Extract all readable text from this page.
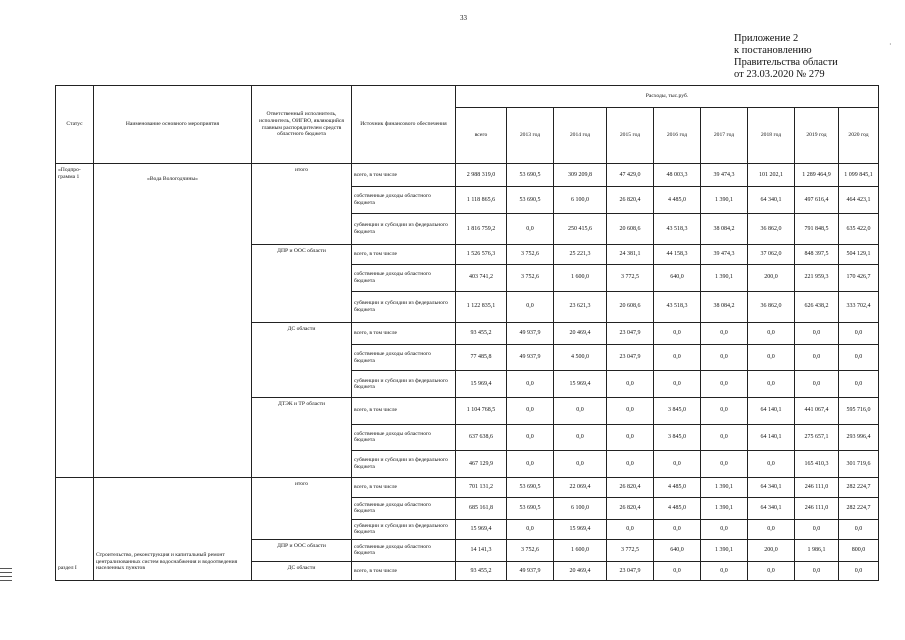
33
Приложение 2
к постановлению
Правительства области
от 23.03.2020 № 279
·
Статус	Наименование основного мероприятия	Ответственный исполнитель, исполнитель, ОИГВО, являющийся главным распорядителем средств областного бюджета	Источник финансового обеспечения	Расходы, тыс.руб.								
				всего	2013 год	2014 год	2015 год	2016 год	2017 год	2018 год	2019 год	2020 год
«Подпро-грамма 1	«Вода Вологодчины»	итого	всего, в том числе	2 988 319,0	53 690,5	309 209,8	47 429,0	48 003,3	39 474,3	101 202,1	1 289 464,9	1 099 845,1
			собственные доходы областного бюджета	1 118 865,6	53 690,5	6 100,0	26 820,4	4 485,0	1 390,1	64 340,1	497 616,4	464 423,1
			субвенции и субсидии из федерального бюджета	1 816 759,2	0,0	250 415,6	20 608,6	43 518,3	38 084,2	36 862,0	791 848,5	635 422,0
		ДПР и ООС области	всего, в том числе	1 526 576,3	3 752,6	25 221,3	24 381,1	44 158,3	39 474,3	37 062,0	848 397,5	504 129,1
			собственные доходы областного бюджета	403 741,2	3 752,6	1 600,0	3 772,5	640,0	1 390,1	200,0	221 959,3	170 426,7
			субвенции и субсидии из федерального бюджета	1 122 835,1	0,0	23 621,3	20 608,6	43 518,3	38 084,2	36 862,0	626 438,2	333 702,4
		ДС области	всего, в том числе	93 455,2	49 937,9	20 469,4	23 047,9	0,0	0,0	0,0	0,0	0,0
			собственные доходы областного бюджета	77 485,8	49 937,9	4 500,0	23 047,9	0,0	0,0	0,0	0,0	0,0
			субвенции и субсидии из федерального бюджета	15 969,4	0,0	15 969,4	0,0	0,0	0,0	0,0	0,0	0,0
		ДТЭК и ТР области	всего, в том числе	1 104 768,5	0,0	0,0	0,0	3 845,0	0,0	64 140,1	441 067,4	595 716,0
			собственные доходы областного бюджета	637 638,6	0,0	0,0	0,0	3 845,0	0,0	64 140,1	275 657,1	293 996,4
			субвенции и субсидии из федерального бюджета	467 129,9	0,0	0,0	0,0	0,0	0,0	0,0	165 410,3	301 719,6
раздел I	Строительство, реконструкция и капитальный ремонт централизованных систем водоснабжения и водоотведения населенных пунктов	итого	всего, в том числе	701 131,2	53 690,5	22 069,4	26 820,4	4 485,0	1 390,1	64 340,1	246 111,0	282 224,7
			собственные доходы областного бюджета	685 161,8	53 690,5	6 100,0	26 820,4	4 485,0	1 390,1	64 340,1	246 111,0	282 224,7
			субвенции и субсидии из федерального бюджета	15 969,4	0,0	15 969,4	0,0	0,0	0,0	0,0	0,0	0,0
		ДПР и ООС области	собственные доходы областного бюджета	14 141,3	3 752,6	1 600,0	3 772,5	640,0	1 390,1	200,0	1 986,1	800,0
		ДС области	всего, в том числе	93 455,2	49 937,9	20 469,4	23 047,9	0,0	0,0	0,0	0,0	0,0
